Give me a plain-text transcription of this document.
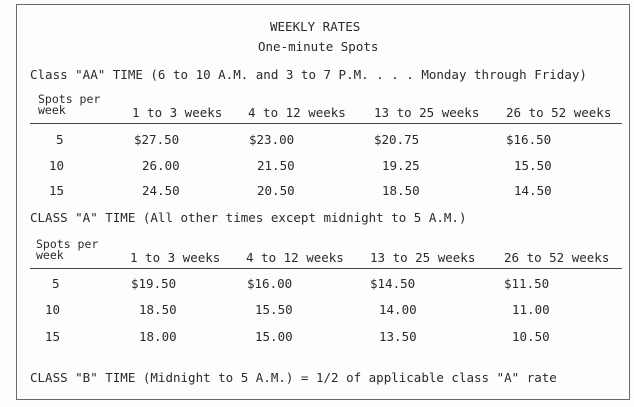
WEEKLY RATES
One-minute Spots
Class "AA" TIME (6 to 10 A.M. and 3 to 7 P.M. . . . Monday through Friday)
Spots per
week	1 to 3 weeks 4 to 12 weeks 13 to 25 weeks 26 to 52 weeks
5	$27.50	$23.00	$20.75	$16.50
10	26.00	21.50	19.25	15.50
15	24.50	20.50	18.50	14.50
CLASS "A" TIME (All other times except midnight to 5 A.M.)
Spots per
week	1 to 3 weeks 4 to 12 weeks 13 to 25 weeks 26 to 52 weeks
5	$19.50	$16.00	$14.50	$11.50
10	18.50	15.50	14.00	11.00
15	18.00	15.00	13.50	10.50
CLASS "B" TIME (Midnight to 5 A.M.) = 1/2 of applicable class "A" rate
